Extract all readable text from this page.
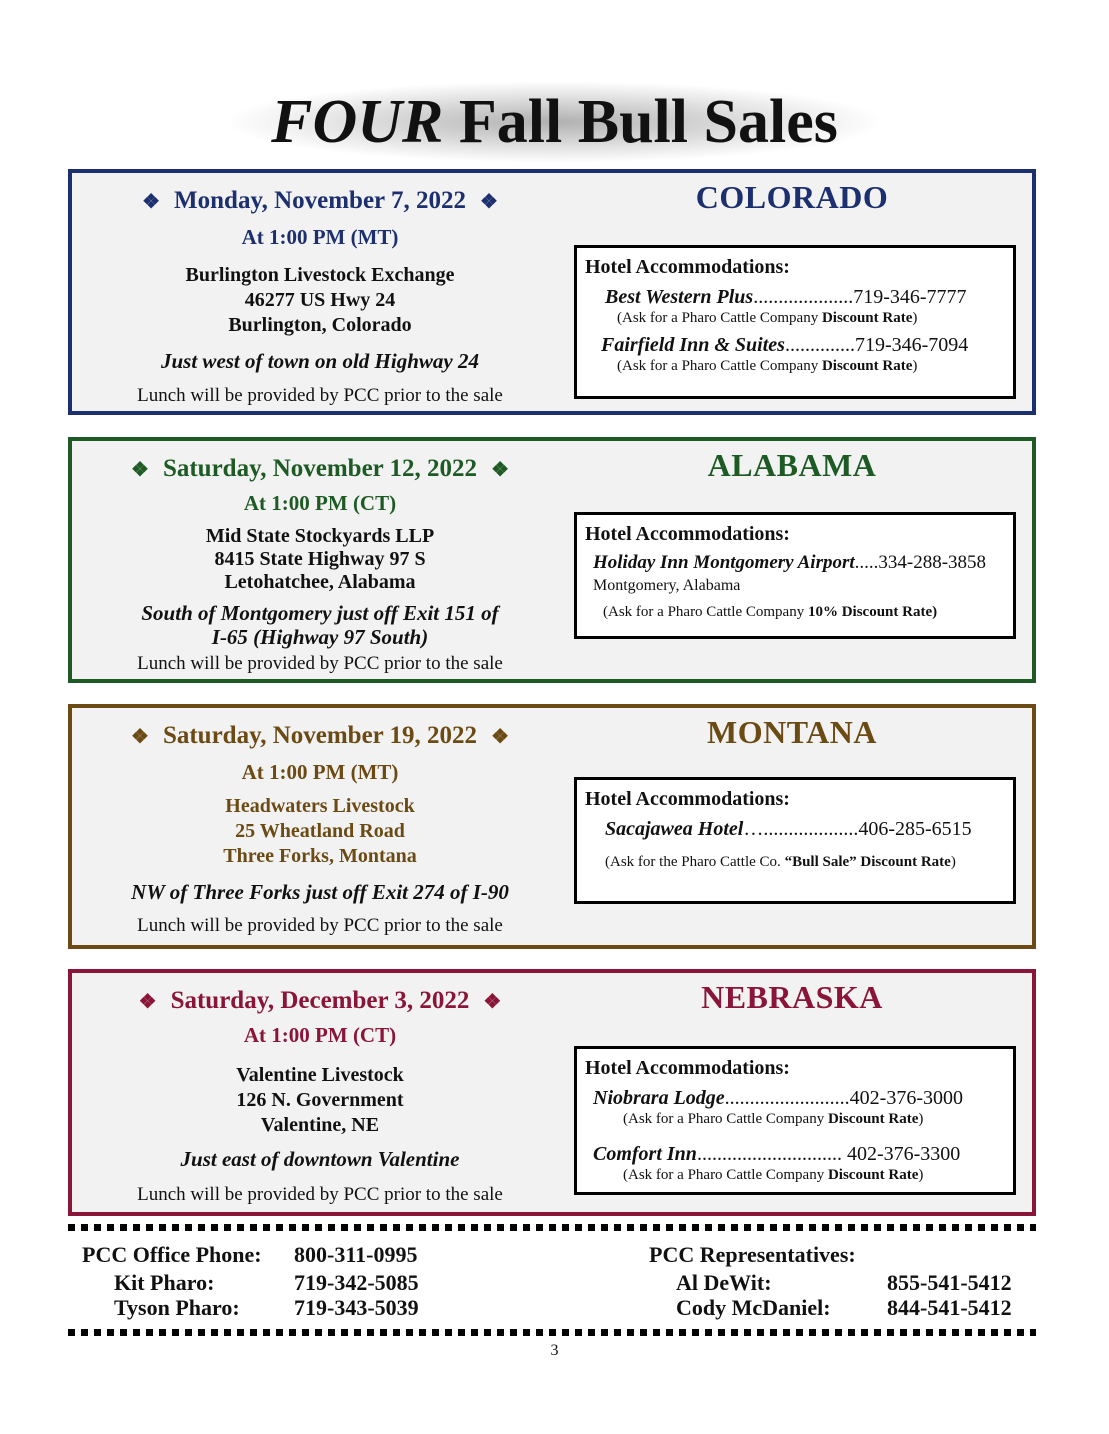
FOUR Fall Bull Sales
❖ Monday, November 7, 2022 ❖
At 1:00 PM (MT)
Burlington Livestock Exchange
46277 US Hwy 24
Burlington, Colorado
Just west of town on old Highway 24
Lunch will be provided by PCC prior to the sale
COLORADO
Hotel Accommodations:
Best Western Plus....................719-346-7777
(Ask for a Pharo Cattle Company Discount Rate)
Fairfield Inn & Suites..............719-346-7094
(Ask for a Pharo Cattle Company Discount Rate)
❖ Saturday, November 12, 2022 ❖
At 1:00 PM (CT)
Mid State Stockyards LLP
8415 State Highway 97 S
Letohatchee, Alabama
South of Montgomery just off Exit 151 of
I-65 (Highway 97 South)
Lunch will be provided by PCC prior to the sale
ALABAMA
Hotel Accommodations:
Holiday Inn Montgomery Airport.....334-288-3858
Montgomery, Alabama
(Ask for a Pharo Cattle Company 10% Discount Rate)
❖ Saturday, November 19, 2022 ❖
At 1:00 PM (MT)
Headwaters Livestock
25 Wheatland Road
Three Forks, Montana
NW of Three Forks just off Exit 274 of I-90
Lunch will be provided by PCC prior to the sale
MONTANA
Hotel Accommodations:
Sacajawea Hotel…...................406-285-6515
(Ask for the Pharo Cattle Co. “Bull Sale” Discount Rate)
❖ Saturday, December 3, 2022 ❖
At 1:00 PM (CT)
Valentine Livestock
126 N. Government
Valentine, NE
Just east of downtown Valentine
Lunch will be provided by PCC prior to the sale
NEBRASKA
Hotel Accommodations:
Niobrara Lodge.........................402-376-3000
(Ask for a Pharo Cattle Company Discount Rate)
Comfort Inn............................. 402-376-3300
(Ask for a Pharo Cattle Company Discount Rate)
PCC Office Phone: 800-311-0995
Kit Pharo:	719-342-5085
Tyson Pharo: 719-343-5039
PCC Representatives:
Al DeWit:	855-541-5412
Cody McDaniel:	844-541-5412
3
